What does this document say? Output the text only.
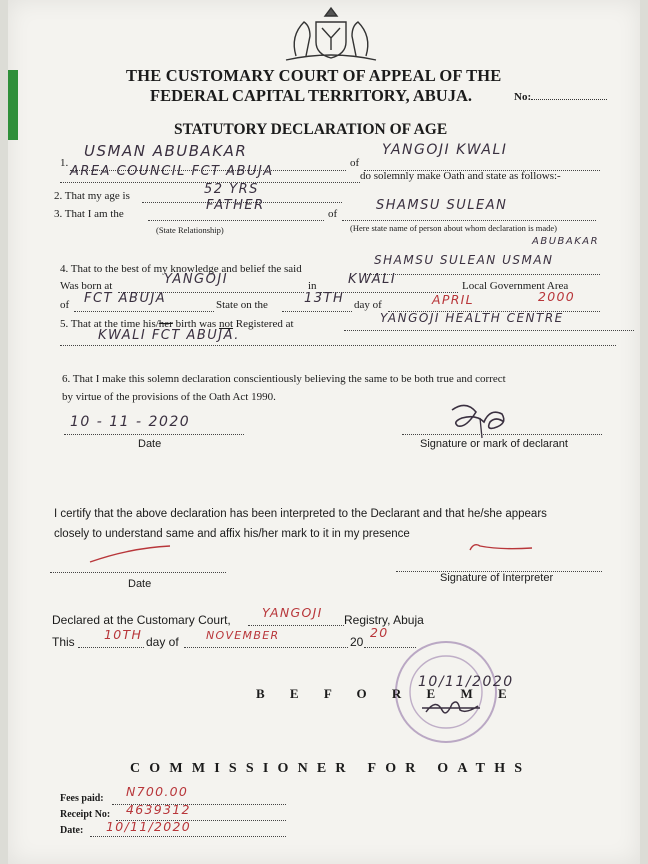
THE CUSTOMARY COURT OF APPEAL OF THE
FEDERAL CAPITAL TERRITORY, ABUJA.	No:
STATUTORY DECLARATION OF AGE
1.
USMAN ABUBAKAR
of
YANGOJI KWALI
AREA COUNCIL FCT ABUJA	do solemnly make Oath and state as follows:-
2. That my age is	52 YRS
3. That I am the
FATHER
of
SHAMSU SULEAN
(State Relationship)	(Here state name of person about whom declaration is made)
ABUBAKAR
4. That to the best of my knowledge and belief the said
SHAMSU SULEAN USMAN
Was born at	YANGOJI	in KWALI	Local Government Area
of FCT ABUJA	State on the	13TH day of	APRIL	2000
5. That at the time his/her birth was not Registered at	YANGOJI HEALTH CENTRE
KWALI FCT ABUJA.
6. That I make this solemn declaration conscientiously believing the same to be both true and correct
by virtue of the provisions of the Oath Act 1990.
10 - 11 - 2020
Date	Signature or mark of declarant
I certify that the above declaration has been interpreted to the Declarant and that he/she appears
closely to understand same and affix his/her mark to it in my presence
Date	Signature of Interpreter
Declared at the Customary Court,	YANGOJI Registry, Abuja
This 10TH day of NOVEMBER	20
20
B E F O R E M E
10/11/2020
COMMISSIONER FOR OATHS
Fees paid: N700.00
Receipt No: 4639312
Date: 10/11/2020
